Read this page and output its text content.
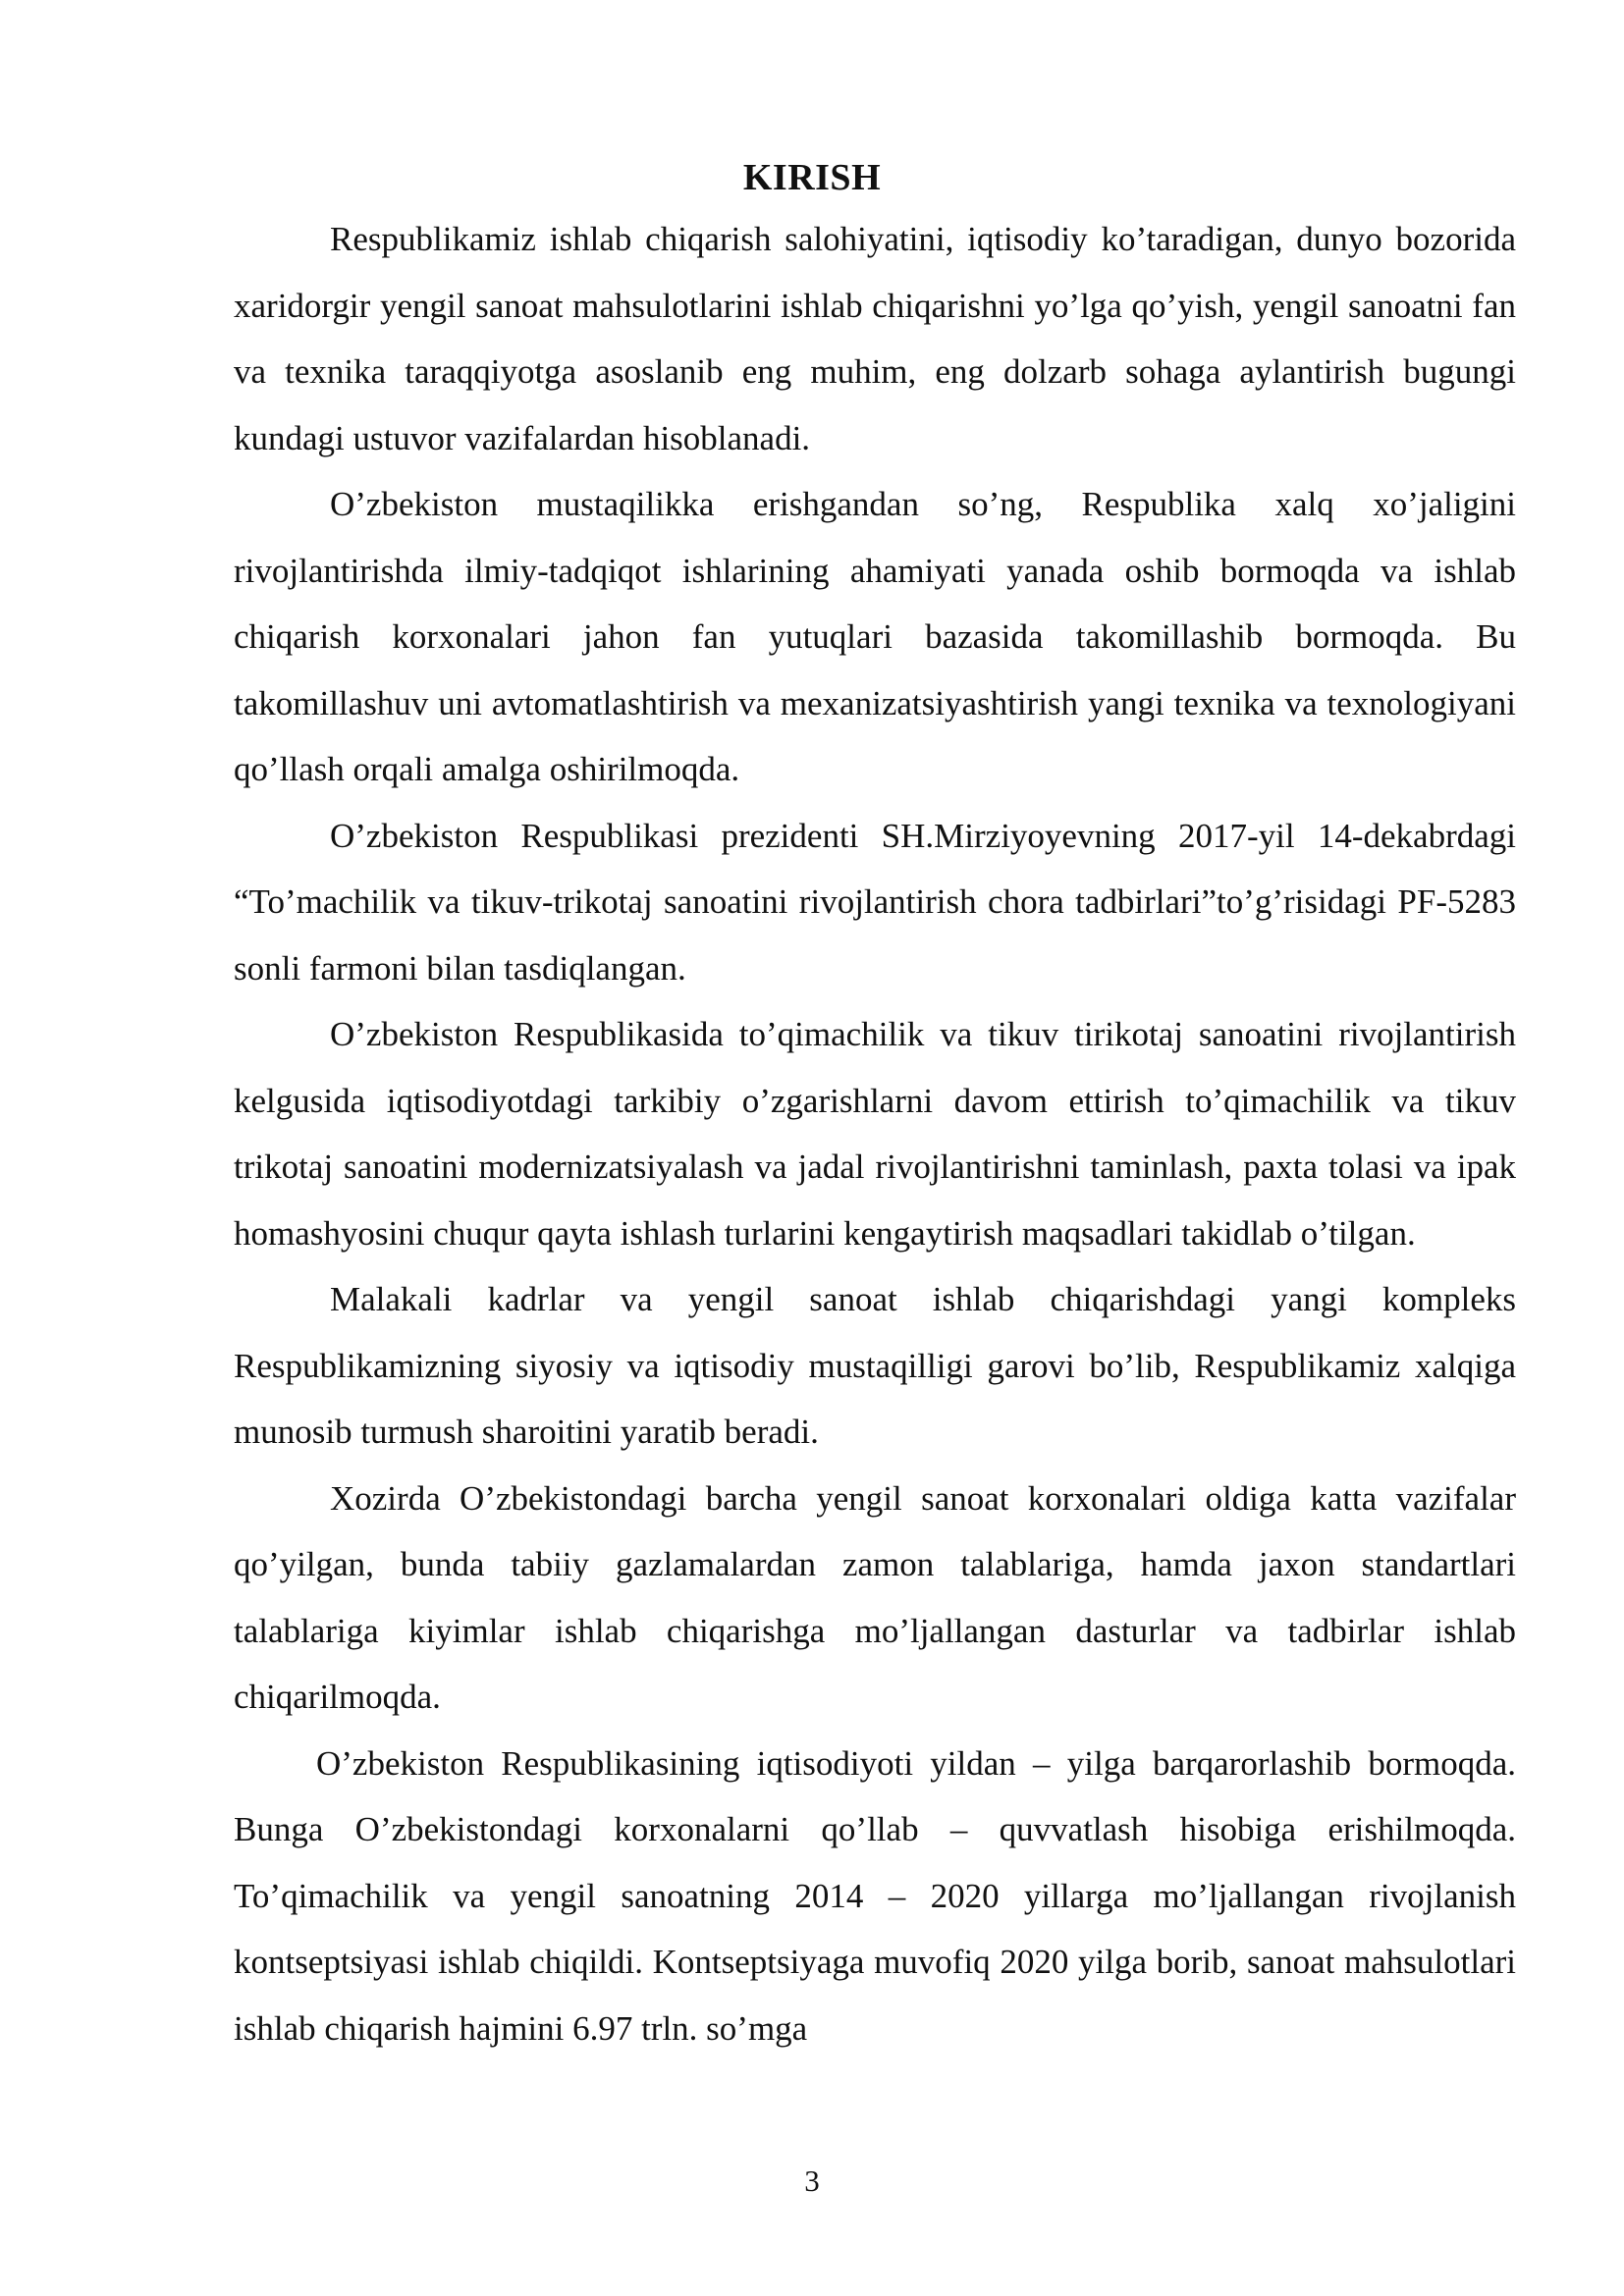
KIRISH

Respublikamiz ishlab chiqarish salohiyatini, iqtisodiy ko’taradigan, dunyo bozorida xaridorgir yengil sanoat mahsulotlarini ishlab chiqarishni yo’lga qo’yish, yengil sanoatni fan va texnika taraqqiyotga asoslanib eng muhim, eng dolzarb sohaga aylantirish bugungi kundagi ustuvor vazifalardan hisoblanadi.

O’zbekiston mustaqilikka erishgandan so’ng, Respublika xalq xo’jaligini rivojlantirishda ilmiy-tadqiqot ishlarining ahamiyati yanada oshib bormoqda va ishlab chiqarish korxonalari jahon fan yutuqlari bazasida takomillashib bormoqda. Bu takomillashuv uni avtomatlashtirish va mexanizatsiyashtirish yangi texnika va texnologiyani qo’llash orqali amalga oshirilmoqda.

O’zbekiston Respublikasi prezidenti SH.Mirziyoyevning 2017-yil 14-dekabrdagi “To’machilik va tikuv-trikotaj sanoatini rivojlantirish chora tadbirlari”to’g’risidagi PF-5283 sonli farmoni bilan tasdiqlangan.

O’zbekiston Respublikasida to’qimachilik va tikuv tirikotaj sanoatini rivojlantirish kelgusida iqtisodiyotdagi tarkibiy o’zgarishlarni davom ettirish to’qimachilik va tikuv trikotaj sanoatini modernizatsiyalash va jadal rivojlantirishni taminlash, paxta tolasi va ipak homashyosini chuqur qayta ishlash turlarini kengaytirish maqsadlari takidlab o’tilgan.

Malakali kadrlar va yengil sanoat ishlab chiqarishdagi yangi kompleks Respublikamizning siyosiy va iqtisodiy mustaqilligi garovi bo’lib, Respublikamiz xalqiga munosib turmush sharoitini yaratib beradi.

Xozirda O’zbekistondagi barcha yengil sanoat korxonalari oldiga katta vazifalar qo’yilgan, bunda tabiiy gazlamalardan zamon talablariga, hamda jaxon standartlari talablariga kiyimlar ishlab chiqarishga mo’ljallangan dasturlar va tadbirlar ishlab chiqarilmoqda.

O’zbekiston Respublikasining iqtisodiyoti yildan – yilga barqarorlashib bormoqda. Bunga O’zbekistondagi korxonalarni qo’llab – quvvatlash hisobiga erishilmoqda. To’qimachilik va yengil sanoatning 2014 – 2020 yillarga mo’ljallangan rivojlanish kontseptsiyasi ishlab chiqildi. Kontseptsiyaga muvofiq 2020 yilga borib, sanoat mahsulotlari ishlab chiqarish hajmini 6.97 trln. so’mga

3
